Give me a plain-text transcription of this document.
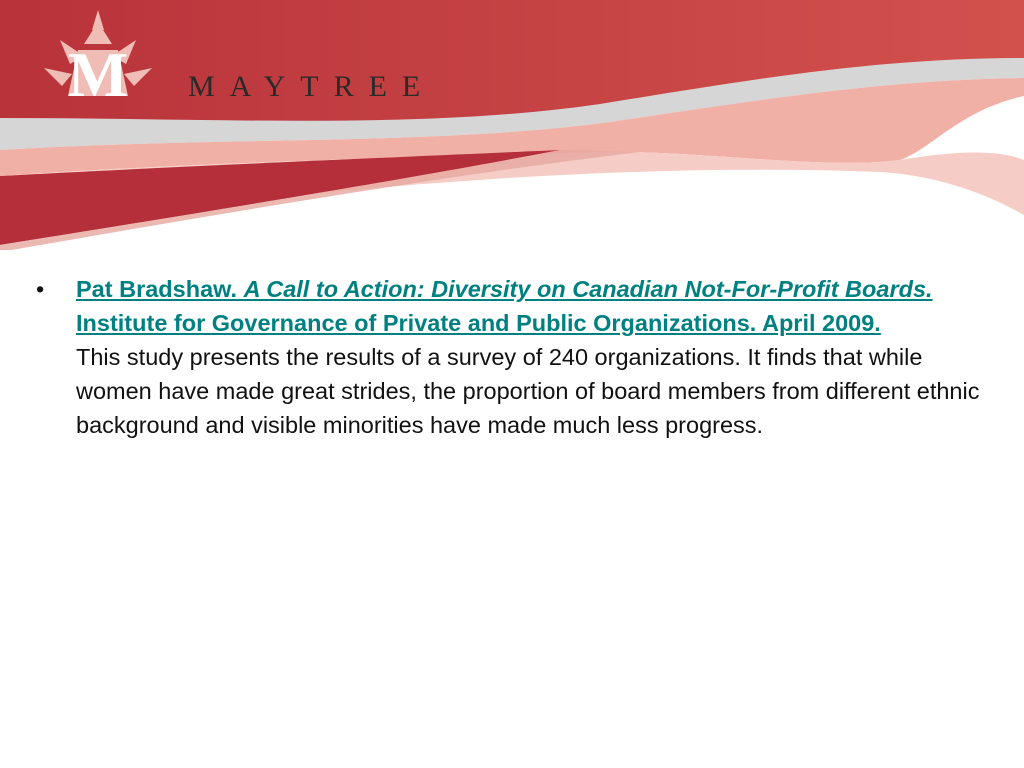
M MAYTREE
•	Pat Bradshaw. A Call to Action: Diversity on Canadian Not-For-Profit Boards. Institute for Governance of Private and Public Organizations. April 2009.
This study presents the results of a survey of 240 organizations. It finds that while women have made great strides, the proportion of board members from different ethnic background and visible minorities have made much less progress.
